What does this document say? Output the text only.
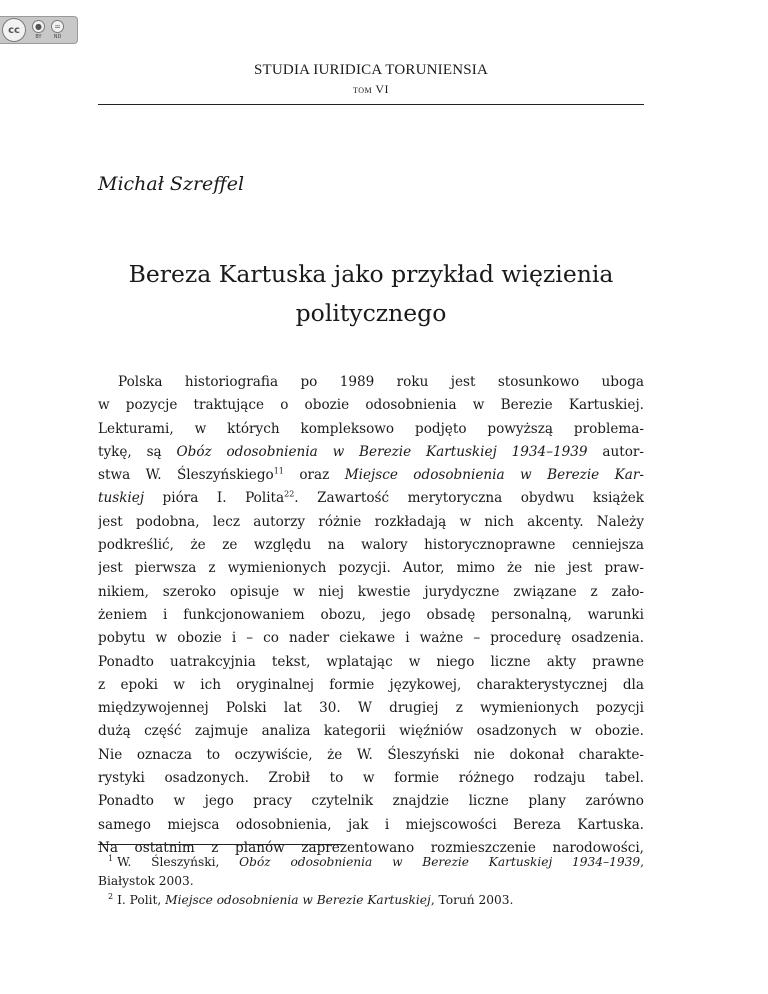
cc	●
BY
=
ND
STUDIA IURIDICA TORUNIENSIA
tom VI
Michał Szreffel
Bereza Kartuska jako przykład więzienia
politycznego
Polska historiografia po 1989 roku jest stosunkowo uboga
w pozycje traktujące o obozie odosobnienia w Berezie Kartuskiej.
Lekturami, w których kompleksowo podjęto powyższą problema-
tykę, są Obóz odosobnienia w Berezie Kartuskiej 1934–1939 autor-
stwa W. Śleszyńskiego$^{11}$ oraz Miejsce odosobnienia w Berezie Kar-
tuskiej pióra I. Polita$^{22}$. Zawartość merytoryczna obydwu książek
jest podobna, lecz autorzy różnie rozkładają w nich akcenty. Należy
podkreślić, że ze względu na walory historycznoprawne cenniejsza
jest pierwsza z wymienionych pozycji. Autor, mimo że nie jest praw-
nikiem, szeroko opisuje w niej kwestie jurydyczne związane z zało-
żeniem i funkcjonowaniem obozu, jego obsadę personalną, warunki
pobytu w obozie i – co nader ciekawe i ważne – procedurę osadzenia.
Ponadto uatrakcyjnia tekst, wplatając w niego liczne akty prawne
z epoki w ich oryginalnej formie językowej, charakterystycznej dla
międzywojennej Polski lat 30. W drugiej z wymienionych pozycji
dużą część zajmuje analiza kategorii więźniów osadzonych w obozie.
Nie oznacza to oczywiście, że W. Śleszyński nie dokonał charakte-
rystyki osadzonych. Zrobił to w formie różnego rodzaju tabel.
Ponadto w jego pracy czytelnik znajdzie liczne plany zarówno
samego miejsca odosobnienia, jak i miejscowości Bereza Kartuska.
Na ostatnim z planów zaprezentowano rozmieszczenie narodowości,
$^1$ W. Śleszyński, Obóz odosobnienia w Berezie Kartuskiej 1934–1939,
Białystok 2003.
$^2$ I. Polit, Miejsce odosobnienia w Berezie Kartuskiej, Toruń 2003.
